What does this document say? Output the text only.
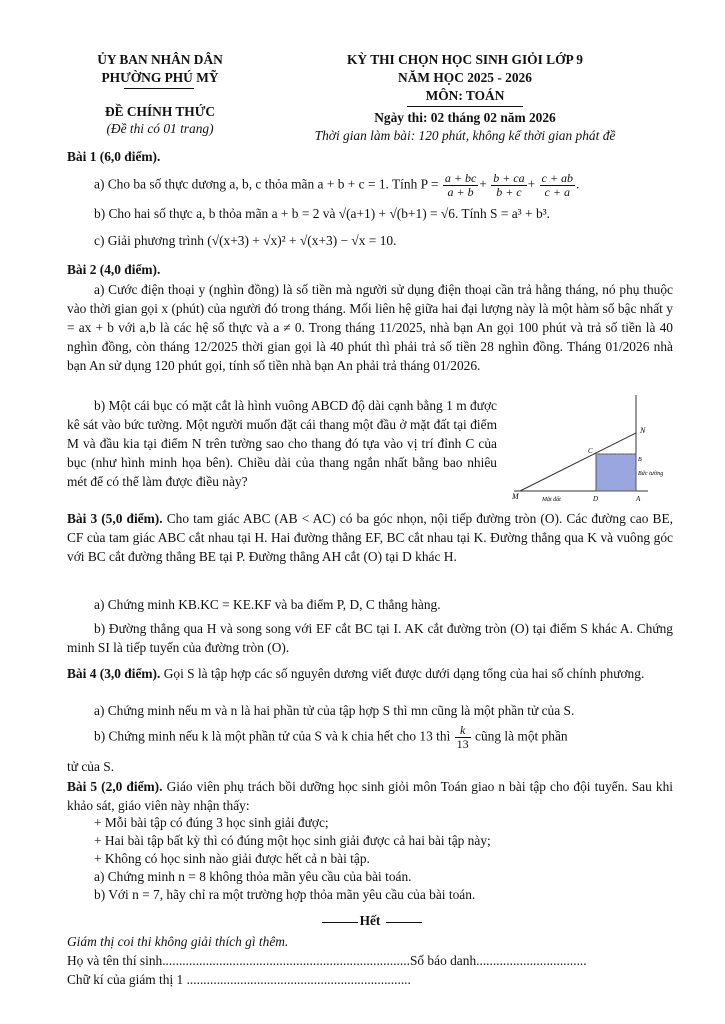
ỦY BAN NHÂN DÂN
PHƯỜNG PHÚ MỸ
ĐỀ CHÍNH THỨC
(Đề thi có 01 trang)
KỲ THI CHỌN HỌC SINH GIỎI LỚP 9
NĂM HỌC 2025 - 2026
MÔN: TOÁN
Ngày thi: 02 tháng 02 năm 2026
Thời gian làm bài: 120 phút, không kể thời gian phát đề
Bài 1 (6,0 điểm).
a) Cho ba số thực dương a, b, c thỏa mãn a + b + c = 1. Tính $P = \frac{a + bc}{a + b} + \frac{b + ca}{b + c} + \frac{c + ab}{c + a}$ .
b) Cho hai số thực a, b thỏa mãn a + b = 2 và √(a+1) + √(b+1) = √6. Tính S = a³ + b³.
c) Giải phương trình (√(x+3) + √x)² + √(x+3) − √x = 10.
Bài 2 (4,0 điểm).
a) Cước điện thoại y (nghìn đồng) là số tiền mà người sử dụng điện thoại cần trả hằng tháng, nó phụ thuộc vào thời gian gọi x (phút) của người đó trong tháng. Mối liên hệ giữa hai đại lượng này là một hàm số bậc nhất y = ax + b với a,b là các hệ số thực và a ≠ 0. Trong tháng 11/2025, nhà bạn An gọi 100 phút và trả số tiền là 40 nghìn đồng, còn tháng 12/2025 thời gian gọi là 40 phút thì phải trả số tiền 28 nghìn đồng. Tháng 01/2026 nhà bạn An sử dụng 120 phút gọi, tính số tiền nhà bạn An phải trả tháng 01/2026.
b) Một cái bục có mặt cắt là hình vuông ABCD độ dài cạnh bằng 1 m được kê sát vào bức tường. Một người muốn đặt cái thang một đầu ở mặt đất tại điểm M và đầu kia tại điểm N trên tường sao cho thang đó tựa vào vị trí đỉnh C của bục (như hình minh họa bên). Chiều dài của thang ngắn nhất bằng bao nhiêu mét để có thể làm được điều này?
N
C
B
Bức tường
M	Mặt đất	D	A
Bài 3 (5,0 điểm). Cho tam giác ABC (AB < AC) có ba góc nhọn, nội tiếp đường tròn (O). Các đường cao BE, CF của tam giác ABC cắt nhau tại H. Hai đường thẳng EF, BC cắt nhau tại K. Đường thẳng qua K và vuông góc với BC cắt đường thẳng BE tại P. Đường thẳng AH cắt (O) tại D khác H.
a) Chứng minh KB.KC = KE.KF và ba điểm P, D, C thẳng hàng.
b) Đường thẳng qua H và song song với EF cắt BC tại I. AK cắt đường tròn (O) tại điểm S khác A. Chứng minh SI là tiếp tuyến của đường tròn (O).
Bài 4 (3,0 điểm). Gọi S là tập hợp các số nguyên dương viết được dưới dạng tổng của hai số chính phương.
a) Chứng minh nếu m và n là hai phần tử của tập hợp S thì mn cũng là một phần tử của S.
b) Chứng minh nếu k là một phần tử của S và k chia hết cho 13 thì $\frac{k}{13}$ cũng là một phần
tử của S.
Bài 5 (2,0 điểm). Giáo viên phụ trách bồi dưỡng học sinh giỏi môn Toán giao n bài tập cho đội tuyển. Sau khi khảo sát, giáo viên này nhận thấy:
+ Mỗi bài tập có đúng 3 học sinh giải được;
+ Hai bài tập bất kỳ thì có đúng một học sinh giải được cả hai bài tập này;
+ Không có học sinh nào giải được hết cả n bài tập.
a) Chứng minh n = 8 không thỏa mãn yêu cầu của bài toán.
b) Với n = 7, hãy chỉ ra một trường hợp thỏa mãn yêu cầu của bài toán.
Hết
Giám thị coi thi không giải thích gì thêm.
Họ và tên thí sinh..........................................................................Số báo danh.................................
Chữ kí của giám thị 1 ...................................................................
